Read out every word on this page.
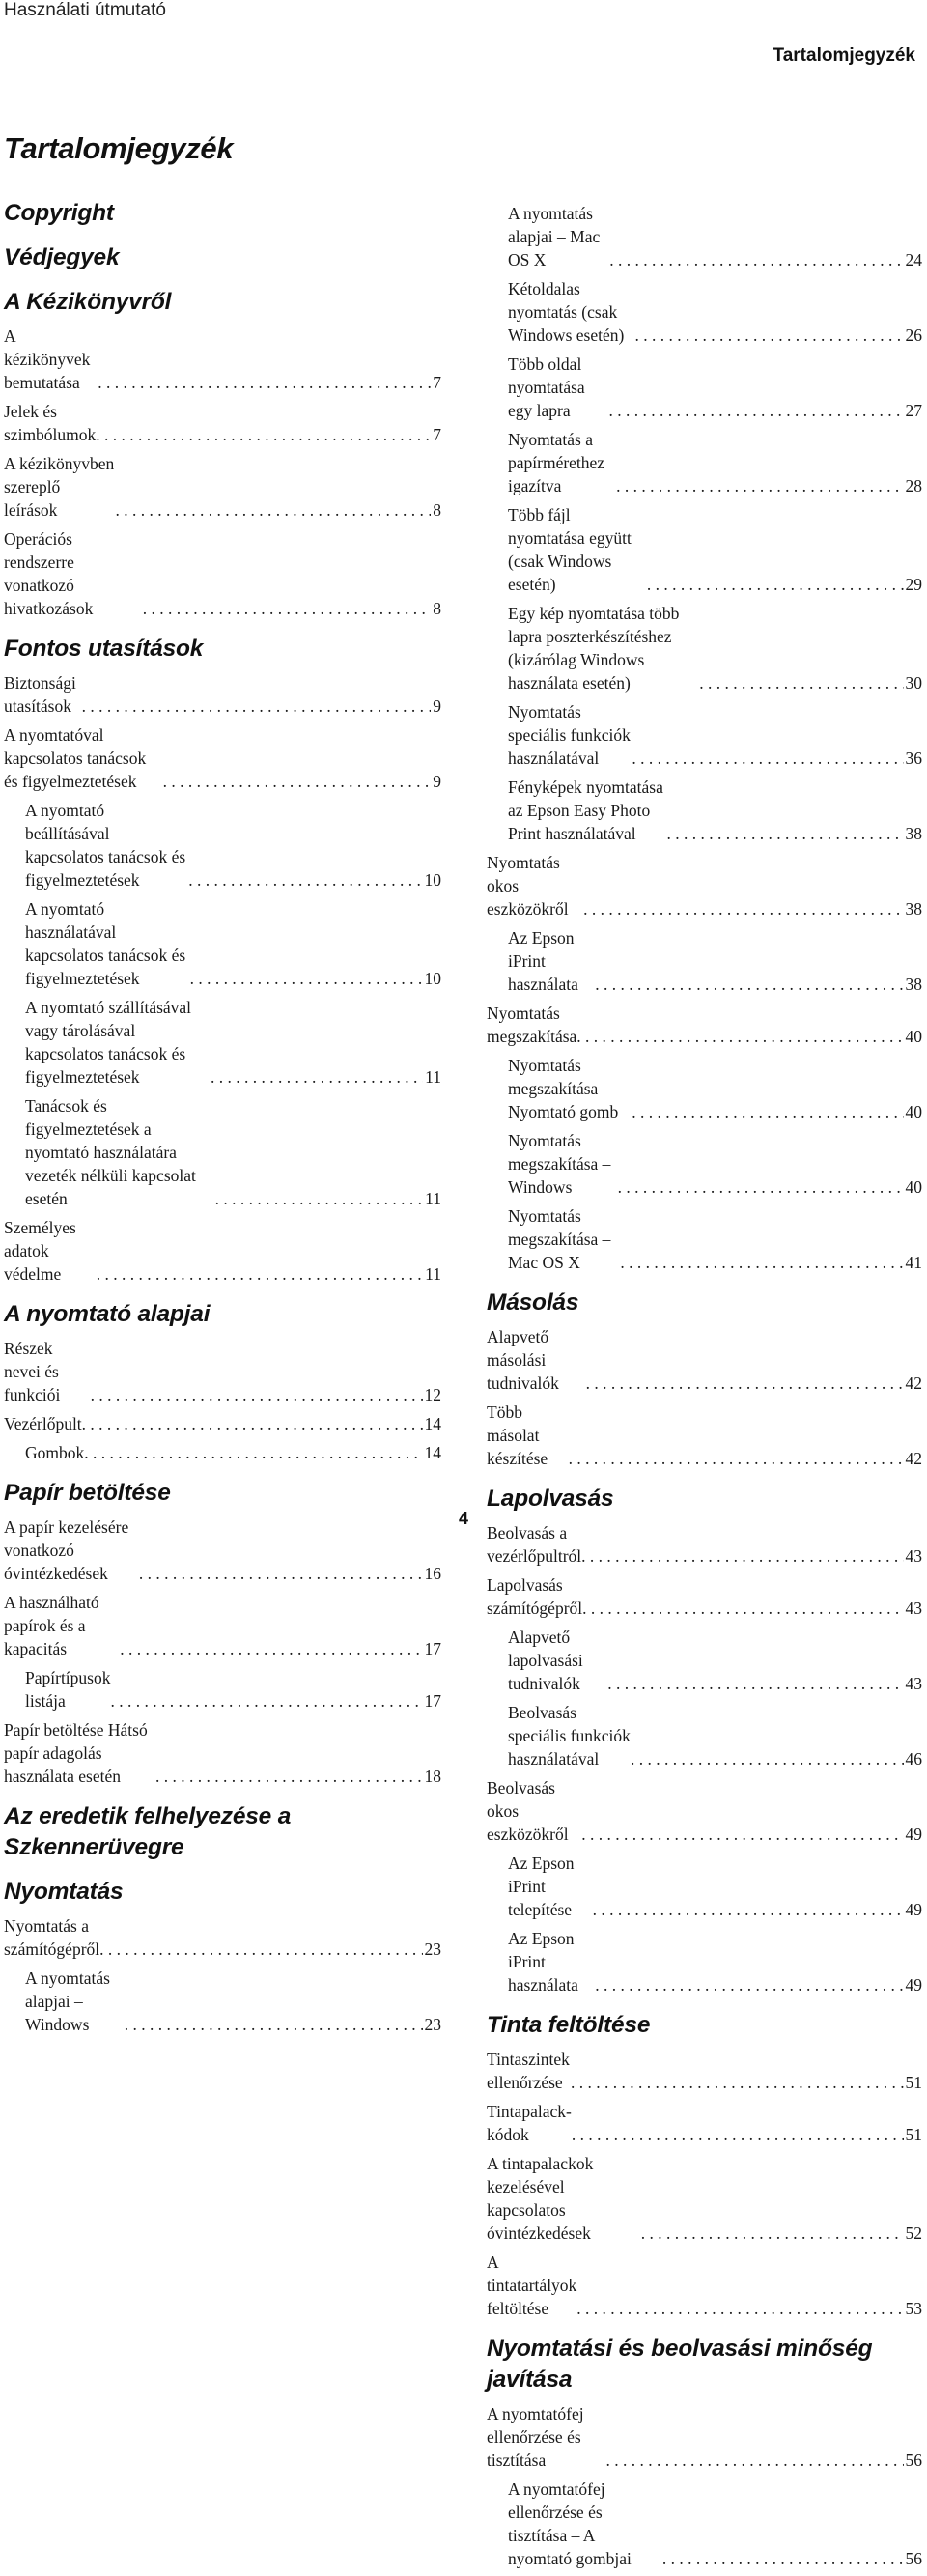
Használati útmutató
Tartalomjegyzék
Tartalomjegyzék
Copyright
Védjegyek
A Kézikönyvről
A kézikönyvek bemutatása . . .	7
Jelek és szimbólumok . . .	7
A kézikönyvben szereplő leírások . . .	8
Operációs rendszerre vonatkozó hivatkozások . . .	8
Fontos utasítások
Biztonsági utasítások . . .	9
A nyomtatóval kapcsolatos tanácsok és figyelmeztetések . . .	9
A nyomtató beállításával kapcsolatos tanácsok és figyelmeztetések . . .	10
A nyomtató használatával kapcsolatos tanácsok és figyelmeztetések . . .	10
A nyomtató szállításával vagy tárolásával kapcsolatos tanácsok és figyelmeztetések . . .	11
Tanácsok és figyelmeztetések a nyomtató használatára vezeték nélküli kapcsolat esetén . . .	11
Személyes adatok védelme . . .	11
A nyomtató alapjai
Részek nevei és funkciói . . .	12
Vezérlőpult . . .	14
Gombok . . .	14
Papír betöltése
A papír kezelésére vonatkozó óvintézkedések . . .	16
A használható papírok és a kapacitás . . .	17
Papírtípusok listája . . .	17
Papír betöltése Hátsó papír adagolás használata esetén . . .	18
Az eredetik felhelyezése a Szkennerüvegre
Nyomtatás
Nyomtatás a számítógépről . . .	23
A nyomtatás alapjai – Windows . . .	23
A nyomtatás alapjai – Mac OS X . . .	24
Kétoldalas nyomtatás (csak Windows esetén) . . .	26
Több oldal nyomtatása egy lapra . . .	27
Nyomtatás a papírmérethez igazítva . . .	28
Több fájl nyomtatása együtt (csak Windows esetén) . . .	29
Egy kép nyomtatása több lapra poszterkészítéshez (kizárólag Windows használata esetén) . . .	30
Nyomtatás speciális funkciók használatával . . .	36
Fényképek nyomtatása az Epson Easy Photo Print használatával . . .	38
Nyomtatás okos eszközökről . . .	38
Az Epson iPrint használata . . .	38
Nyomtatás megszakítása . . .	40
Nyomtatás megszakítása – Nyomtató gomb . . .	40
Nyomtatás megszakítása – Windows . . .	40
Nyomtatás megszakítása – Mac OS X . . .	41
Másolás
Alapvető másolási tudnivalók . . .	42
Több másolat készítése . . .	42
Lapolvasás
Beolvasás a vezérlőpultról . . .	43
Lapolvasás számítógépről . . .	43
Alapvető lapolvasási tudnivalók . . .	43
Beolvasás speciális funkciók használatával . . .	46
Beolvasás okos eszközökről . . .	49
Az Epson iPrint telepítése . . .	49
Az Epson iPrint használata . . .	49
Tinta feltöltése
Tintaszintek ellenőrzése . . .	51
Tintapalack-kódok . . .	51
A tintapalackok kezelésével kapcsolatos óvintézkedések . . .	52
A tintatartályok feltöltése . . .	53
Nyomtatási és beolvasási minőség javítása
A nyomtatófej ellenőrzése és tisztítása . . .	56
A nyomtatófej ellenőrzése és tisztítása – A nyomtató gombjai . . .	56
4
